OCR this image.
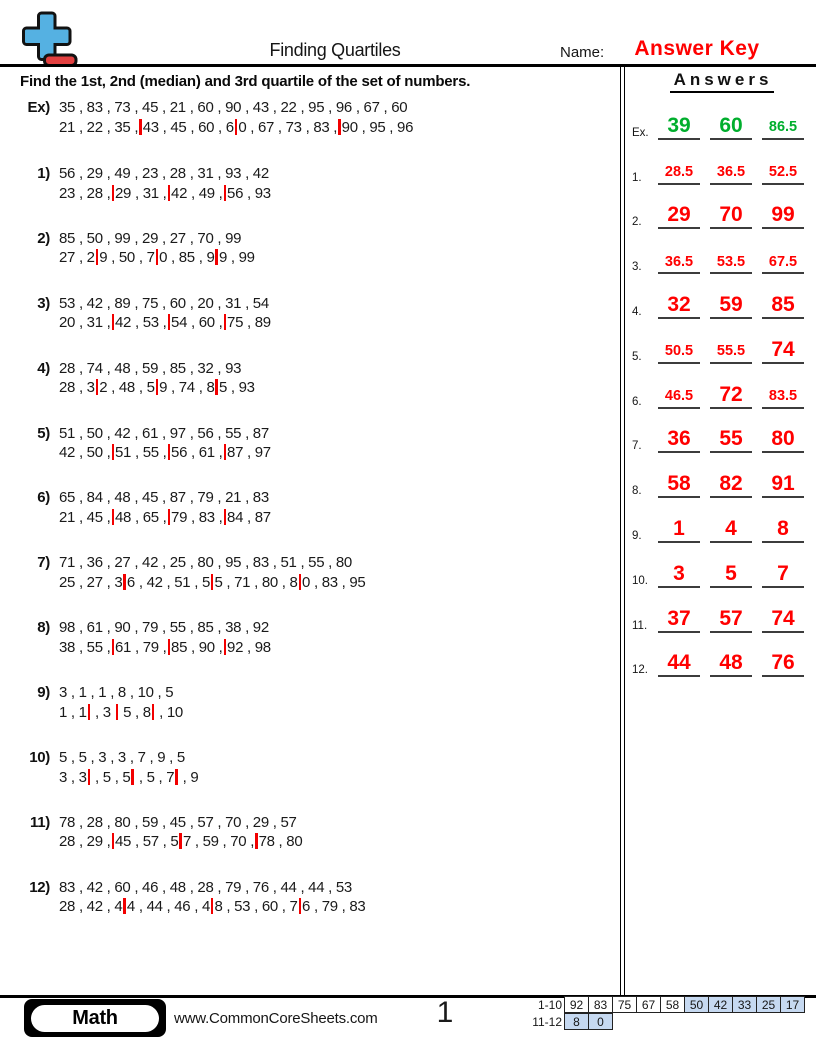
Finding Quartiles	Name:	Answer Key
Find the 1st, 2nd (median) and 3rd quartile of the set of numbers.
Ex) 35 , 83 , 73 , 45 , 21 , 60 , 90 , 43 , 22 , 95 , 96 , 67 , 60
21 , 22 , 35 , 43 , 45 , 60 , 6 0 , 67 , 73 , 83 , 90 , 95 , 96
1) 56 , 29 , 49 , 23 , 28 , 31 , 93 , 42
23 , 28 , 29 , 31 , 42 , 49 , 56 , 93
2) 85 , 50 , 99 , 29 , 27 , 70 , 99
27 , 2 9 , 50 , 7 0 , 85 , 9 9 , 99
3) 53 , 42 , 89 , 75 , 60 , 20 , 31 , 54
20 , 31 , 42 , 53 , 54 , 60 , 75 , 89
4) 28 , 74 , 48 , 59 , 85 , 32 , 93
28 , 3 2 , 48 , 5 9 , 74 , 8 5 , 93
5) 51 , 50 , 42 , 61 , 97 , 56 , 55 , 87
42 , 50 , 51 , 55 , 56 , 61 , 87 , 97
6) 65 , 84 , 48 , 45 , 87 , 79 , 21 , 83
21 , 45 , 48 , 65 , 79 , 83 , 84 , 87
7) 71 , 36 , 27 , 42 , 25 , 80 , 95 , 83 , 51 , 55 , 80
25 , 27 , 3 6 , 42 , 51 , 5 5 , 71 , 80 , 8 0 , 83 , 95
8) 98 , 61 , 90 , 79 , 55 , 85 , 38 , 92
38 , 55 , 61 , 79 , 85 , 90 , 92 , 98
9) 3 , 1 , 1 , 8 , 10 , 5
1 , 1 , 3  5 , 8 , 10
10) 5 , 5 , 3 , 3 , 7 , 9 , 5
3 , 3 , 5 , 5 , 5 , 7 , 9
11) 78 , 28 , 80 , 59 , 45 , 57 , 70 , 29 , 57
28 , 29 , 45 , 57 , 5 7 , 59 , 70 , 78 , 80
12) 83 , 42 , 60 , 46 , 48 , 28 , 79 , 76 , 44 , 44 , 53
28 , 42 , 4 4 , 44 , 46 , 4 8 , 53 , 60 , 7 6 , 79 , 83
Answers
Ex. 39	60	86.5
1.	28.5	36.5	52.5
2.	29	70	99
3.	36.5	53.5	67.5
4.	32	59	85
5.	50.5	55.5	74
6.	46.5	72	83.5
7.	36	55	80
8.	58	82	91
9.	1	4	8
10.	3	5	7
11. 37	57	74
12. 44	48	76
Math	www.CommonCoreSheets.com	1	1-10 92 83 75 67 58 50 42 33 25 17
11-12 8	0
